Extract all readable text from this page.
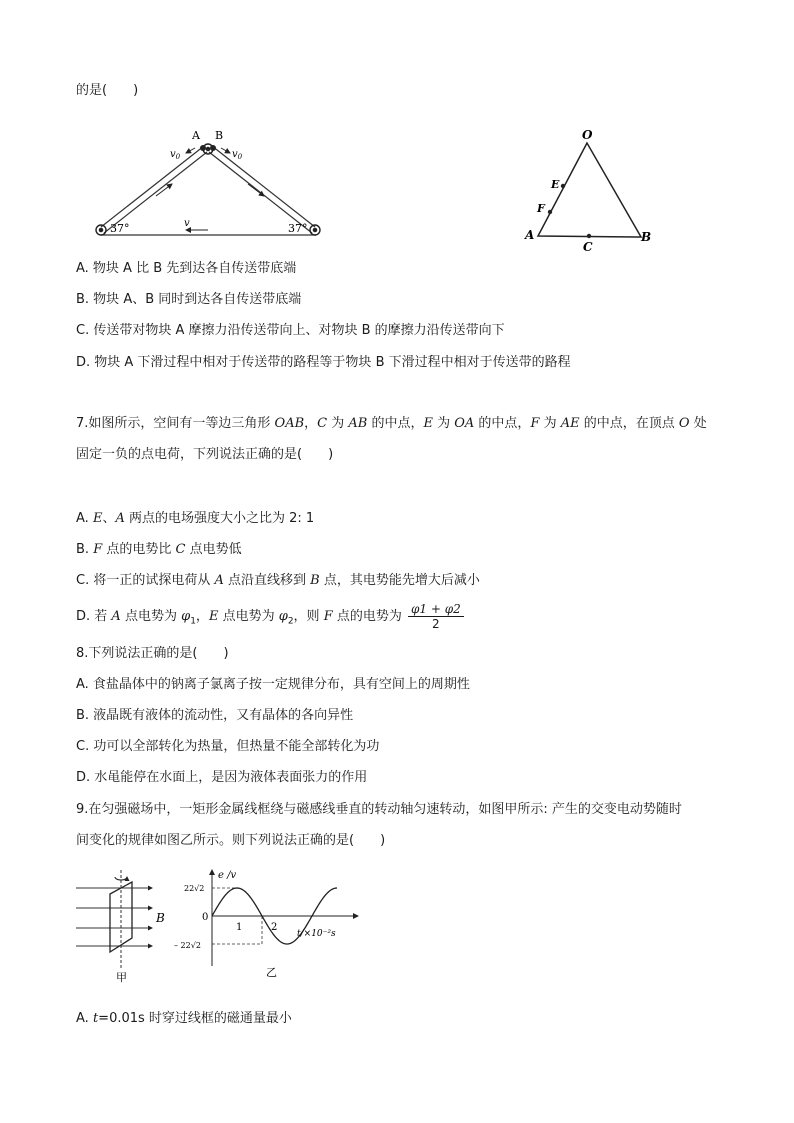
的是(　　)
A B
$v_0$	$v_0$
v
37°	37°
O
E
F
A	B
C
A. 物块 A 比 B 先到达各自传送带底端
B. 物块 A、B 同时到达各自传送带底端
C. 传送带对物块 A 摩擦力沿传送带向上、对物块 B 的摩擦力沿传送带向下
D. 物块 A 下滑过程中相对于传送带的路程等于物块 B 下滑过程中相对于传送带的路程
7.如图所示，空间有一等边三角形 OAB，C 为 AB 的中点，E 为 OA 的中点，F 为 AE 的中点，在顶点 O 处
固定一负的点电荷，下列说法正确的是(　　)
A. E、A 两点的电场强度大小之比为 2: 1
B. F 点的电势比 C 点电势低
C. 将一正的试探电荷从 A 点沿直线移到 B 点，其电势能先增大后减小
D. 若 A 点电势为 $\varphi_1$，E 点电势为 $\varphi_2$，则 F 点的电势为 $\frac{\varphi 1 + \varphi 2}{2}$
8.下列说法正确的是(　　)
A. 食盐晶体中的钠离子氯离子按一定规律分布，具有空间上的周期性
B. 液晶既有液体的流动性，又有晶体的各向异性
C. 功可以全部转化为热量，但热量不能全部转化为功
D. 水黾能停在水面上，是因为液体表面张力的作用
9.在匀强磁场中，一矩形金属线框绕与磁感线垂直的转动轴匀速转动，如图甲所示: 产生的交变电动势随时
间变化的规律如图乙所示。则下列说法正确的是(　　)
B
甲
e /v
22√2
0
– 22√2
1	2
t/×10⁻²s
乙
A. t=0.01s 时穿过线框的磁通量最小
